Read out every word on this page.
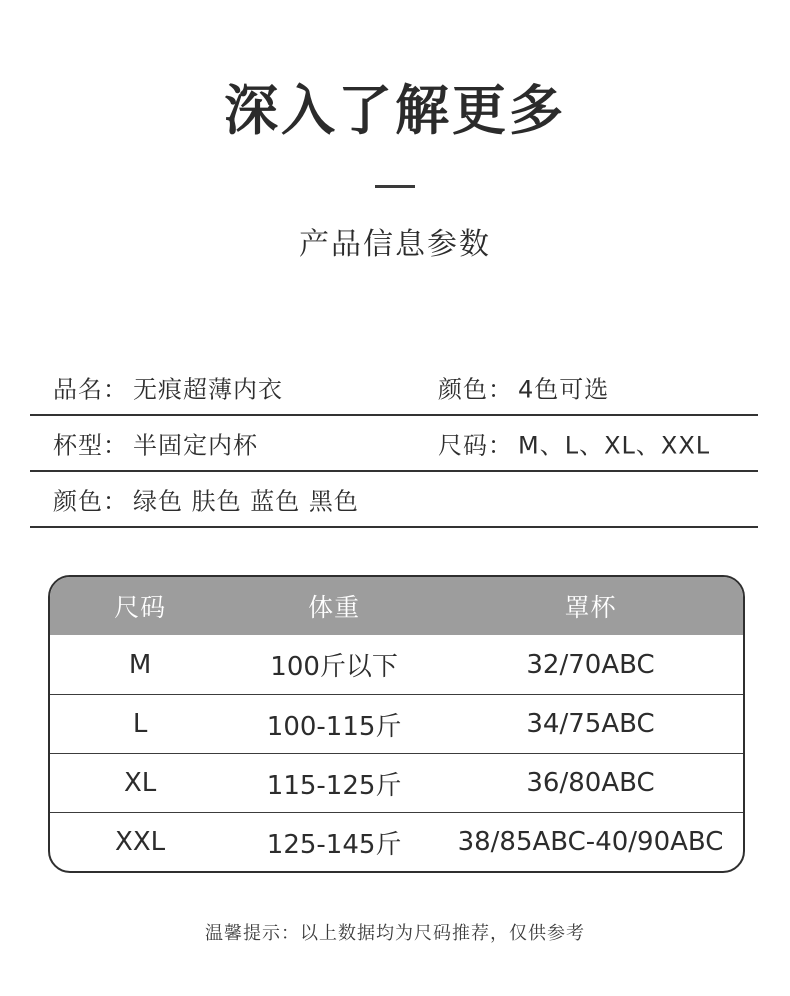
深入了解更多
产品信息参数
品名： 无痕超薄内衣	颜色： 4色可选
杯型： 半固定内杯	尺码： M、L、XL、XXL
颜色： 绿色 肤色 蓝色 黑色
尺码	体重	罩杯
M	100斤以下	32/70ABC
L	100-115斤	34/75ABC
XL	115-125斤	36/80ABC
XXL	125-145斤	38/85ABC-40/90ABC
温馨提示：以上数据均为尺码推荐，仅供参考
